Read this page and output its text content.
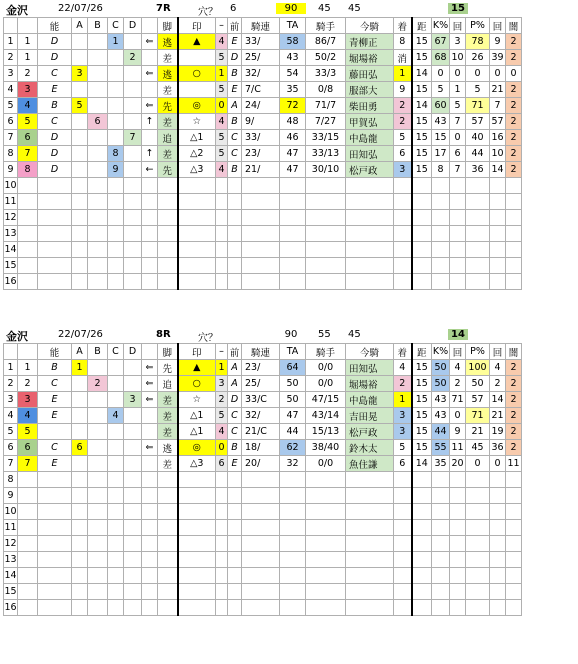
金沢	22/07/26	7R	穴？ 6	90	45 45	15
		能	A	B	C	D		脚	印	–	前	騎連	TA	騎手	今騎	着	距	K%	回	P%	回	闇
1	1	D			1		⇐	逃	▲	4	E	33/	58	86/7	青柳正	8	15	67	3	78	9	2
2	1	D				2		差		5	D	25/	43	50/2	堀場裕	消	15	68	10	26	39	2
3	2	C	3				⇐	逃	○	1	B	32/	54	33/3	藤田弘	1	14	0	0	0	0	0
4	3	E						差		5	E	7/C	35	0/8	服部大	9	15	5	1	5	21	2
5	4	B	5				⇐	先	◎	0	A	24/	72	71/7	柴田勇	2	14	60	5	71	7	2
6	5	C		6			↑	差	☆	4	B	9/	48	7/27	甲賀弘	2	15	43	7	57	57	2
7	6	D				7		追	△1	5	C	33/	46	33/15	中島龍	5	15	15	0	40	16	2
8	7	D			8		↑	差	△2	5	C	23/	47	33/13	田知弘	6	15	17	6	44	10	2
9	8	D			9		←	先	△3	4	B	21/	47	30/10	松戸政	3	15	8	7	36	14	2
10																						
11																						
12																						
13																						
14																						
15																						
16																						
金沢	22/07/26	8R	穴？	90	55 45	14
		能	A	B	C	D		脚	印	–	前	騎連	TA	騎手	今騎	着	距	K%	回	P%	回	闇
1	1	B	1				⇐	先	▲	1	A	23/	64	0/0	田知弘	4	15	50	4	100	4	2
2	2	C		2			⇐	追	○	3	A	25/	50	0/0	堀場裕	2	15	50	2	50	2	2
3	3	E				3	⇐	差	☆	2	D	33/C	50	47/15	中島龍	1	15	43	71	57	14	2
4	4	E			4			差	△1	5	C	32/	47	43/14	吉田晃	3	15	43	0	71	21	2
5	5							差	△1	4	C	21/C	44	15/13	松戸政	3	15	44	9	21	19	2
6	6	C	6				⇐	逃	◎	0	B	18/	62	38/40	鈴木太	5	15	55	11	45	36	2
7	7	E						差	△3	6	E	20/	32	0/0	魚住謙	6	14	35	20	0	0	11
8																						
9																						
10																						
11																						
12																						
13																						
14																						
15																						
16																						
